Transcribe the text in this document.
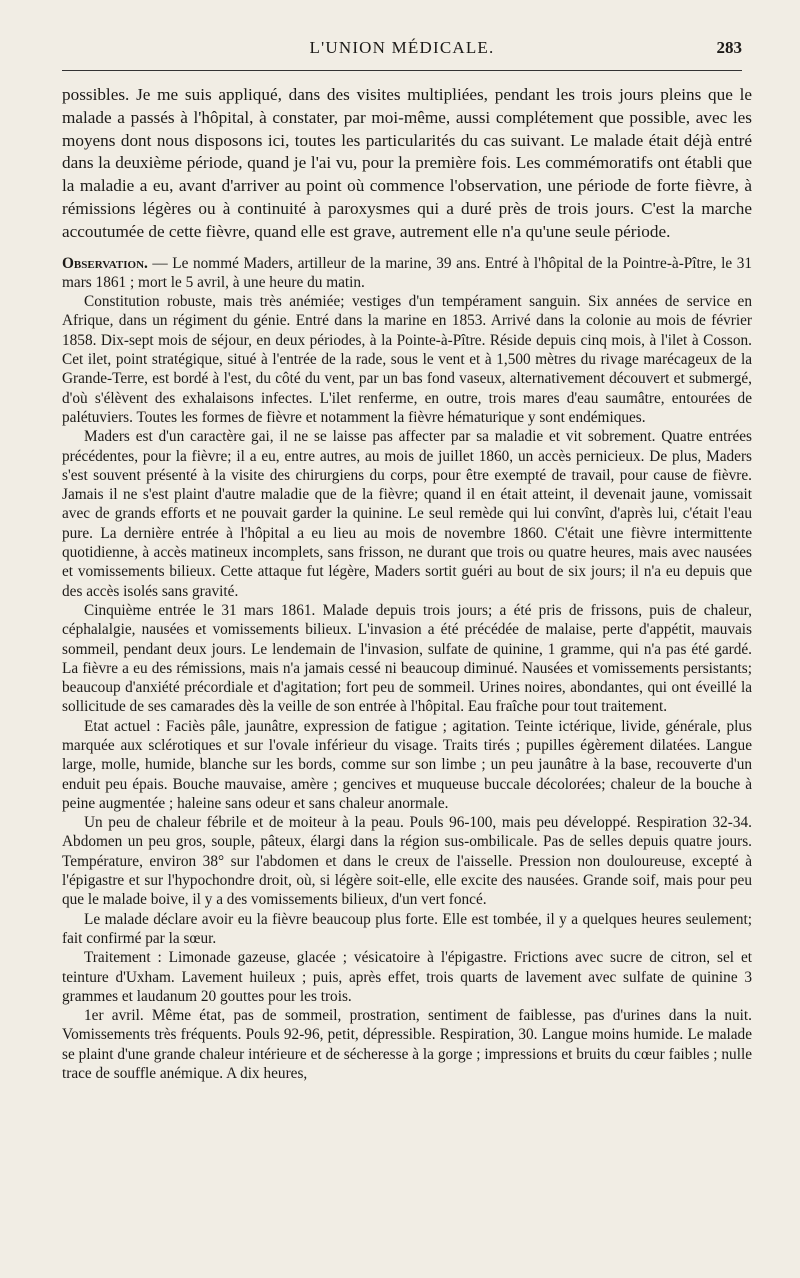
L'UNION MÉDICALE.	283

possibles. Je me suis appliqué, dans des visites multipliées, pendant les trois jours pleins que le malade a passés à l'hôpital, à constater, par moi-même, aussi complétement que possible, avec les moyens dont nous disposons ici, toutes les particularités du cas suivant. Le malade était déjà entré dans la deuxième période, quand je l'ai vu, pour la première fois. Les commémoratifs ont établi que la maladie a eu, avant d'arriver au point où commence l'observation, une période de forte fièvre, à rémissions légères ou à continuité à paroxysmes qui a duré près de trois jours. C'est la marche accoutumée de cette fièvre, quand elle est grave, autrement elle n'a qu'une seule période.

Observation. — Le nommé Maders, artilleur de la marine, 39 ans. Entré à l'hôpital de la Pointre-à-Pître, le 31 mars 1861 ; mort le 5 avril, à une heure du matin.

Constitution robuste, mais très anémiée; vestiges d'un tempérament sanguin. Six années de service en Afrique, dans un régiment du génie. Entré dans la marine en 1853. Arrivé dans la colonie au mois de février 1858. Dix-sept mois de séjour, en deux périodes, à la Pointe-à-Pître. Réside depuis cinq mois, à l'ilet à Cosson. Cet ilet, point stratégique, situé à l'entrée de la rade, sous le vent et à 1,500 mètres du rivage marécageux de la Grande-Terre, est bordé à l'est, du côté du vent, par un bas fond vaseux, alternativement découvert et submergé, d'où s'élèvent des exhalaisons infectes. L'ilet renferme, en outre, trois mares d'eau saumâtre, entourées de palétuviers. Toutes les formes de fièvre et notamment la fièvre hématurique y sont endémiques.

Maders est d'un caractère gai, il ne se laisse pas affecter par sa maladie et vit sobrement. Quatre entrées précédentes, pour la fièvre; il a eu, entre autres, au mois de juillet 1860, un accès pernicieux. De plus, Maders s'est souvent présenté à la visite des chirurgiens du corps, pour être exempté de travail, pour cause de fièvre. Jamais il ne s'est plaint d'autre maladie que de la fièvre; quand il en était atteint, il devenait jaune, vomissait avec de grands efforts et ne pouvait garder la quinine. Le seul remède qui lui convînt, d'après lui, c'était l'eau pure. La dernière entrée à l'hôpital a eu lieu au mois de novembre 1860. C'était une fièvre intermittente quotidienne, à accès matineux incomplets, sans frisson, ne durant que trois ou quatre heures, mais avec nausées et vomissements bilieux. Cette attaque fut légère, Maders sortit guéri au bout de six jours; il n'a eu depuis que des accès isolés sans gravité.

Cinquième entrée le 31 mars 1861. Malade depuis trois jours; a été pris de frissons, puis de chaleur, céphalalgie, nausées et vomissements bilieux. L'invasion a été précédée de malaise, perte d'appétit, mauvais sommeil, pendant deux jours. Le lendemain de l'invasion, sulfate de quinine, 1 gramme, qui n'a pas été gardé. La fièvre a eu des rémissions, mais n'a jamais cessé ni beaucoup diminué. Nausées et vomissements persistants; beaucoup d'anxiété précordiale et d'agitation; fort peu de sommeil. Urines noires, abondantes, qui ont éveillé la sollicitude de ses camarades dès la veille de son entrée à l'hôpital. Eau fraîche pour tout traitement.

Etat actuel : Faciès pâle, jaunâtre, expression de fatigue ; agitation. Teinte ictérique, livide, générale, plus marquée aux sclérotiques et sur l'ovale inférieur du visage. Traits tirés ; pupilles égèrement dilatées. Langue large, molle, humide, blanche sur les bords, comme sur son limbe ; un peu jaunâtre à la base, recouverte d'un enduit peu épais. Bouche mauvaise, amère ; gencives et muqueuse buccale décolorées; chaleur de la bouche à peine augmentée ; haleine sans odeur et sans chaleur anormale.

Un peu de chaleur fébrile et de moiteur à la peau. Pouls 96-100, mais peu développé. Respiration 32-34. Abdomen un peu gros, souple, pâteux, élargi dans la région sus-ombilicale. Pas de selles depuis quatre jours. Température, environ 38° sur l'abdomen et dans le creux de l'aisselle. Pression non douloureuse, excepté à l'épigastre et sur l'hypochondre droit, où, si légère soit-elle, elle excite des nausées. Grande soif, mais pour peu que le malade boive, il y a des vomissements bilieux, d'un vert foncé.

Le malade déclare avoir eu la fièvre beaucoup plus forte. Elle est tombée, il y a quelques heures seulement; fait confirmé par la sœur.

Traitement : Limonade gazeuse, glacée ; vésicatoire à l'épigastre. Frictions avec sucre de citron, sel et teinture d'Uxham. Lavement huileux ; puis, après effet, trois quarts de lavement avec sulfate de quinine 3 grammes et laudanum 20 gouttes pour les trois.

1er avril. Même état, pas de sommeil, prostration, sentiment de faiblesse, pas d'urines dans la nuit. Vomissements très fréquents. Pouls 92-96, petit, dépressible. Respiration, 30. Langue moins humide. Le malade se plaint d'une grande chaleur intérieure et de sécheresse à la gorge ; impressions et bruits du cœur faibles ; nulle trace de souffle anémique. A dix heures,
